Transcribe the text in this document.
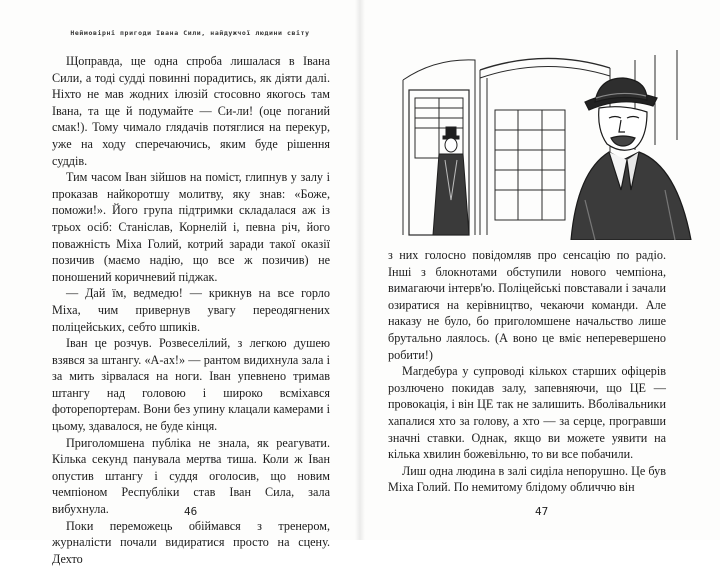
Неймовірні пригоди Івана Сили, найдужчої людини світу

Щоправда, ще одна спроба лишалася в Івана Сили, а тоді судді повинні порадитись, як діяти далі. Ніхто не мав жодних ілюзій стосовно якогось там Івана, та ще й подумайте — Си-ли! (оце поганий смак!). Тому чимало глядачів потяглися на перекур, уже на ходу сперечаючись, яким буде рішення суддів.

Тим часом Іван зійшов на поміст, глипнув у залу і проказав найкоротшу молитву, яку знав: «Боже, поможи!». Його група підтримки складалася аж із трьох осіб: Станіслав, Корнелій і, певна річ, його поважність Міха Голий, котрий заради такої оказії позичив (маємо надію, що все ж позичив) не поношений коричневий піджак.

— Дай їм, ведмедю! — крикнув на все горло Міха, чим привернув увагу переодягнених поліцейських, себто шпиків.

Іван це розчув. Розвеселілий, з легкою душею взявся за штангу. «А-ах!» — рантом видихнула зала і за мить зірвалася на ноги. Іван упевнено тримав штангу над головою і широко всміхався фоторепортерам. Вони без упину клацали камерами і цьому, здавалося, не буде кінця.

Приголомшена публіка не знала, як реагувати. Кілька секунд панувала мертва тиша. Коли ж Іван опустив штангу і суддя оголосив, що новим чемпіоном Республіки став Іван Сила, зала вибухнула.

Поки переможець обіймався з тренером, журналісти почали видиратися просто на сцену. Дехто

46

з них голосно повідомляв про сенсацію по радіо. Інші з блокнотами обступили нового чемпіона, вимагаючи інтерв'ю. Поліцейські повставали і зачали озиратися на керівництво, чекаючи команди. Але наказу не було, бо приголомшене начальство лише брутально лаялось. (А воно це вміє неперевершено робити!)

Магдебура у супроводі кількох старших офіцерів розлючено покидав залу, запевняючи, що ЦЕ — провокація, і він ЦЕ так не залишить. Вболівальники хапалися хто за голову, а хто — за серце, програвши значні ставки. Однак, якщо ви можете уявити на кілька хвилин божевільню, то ви все побачили.

Лиш одна людина в залі сиділа непорушно. Це був Міха Голий. По немитому блідому обличчю він

47
